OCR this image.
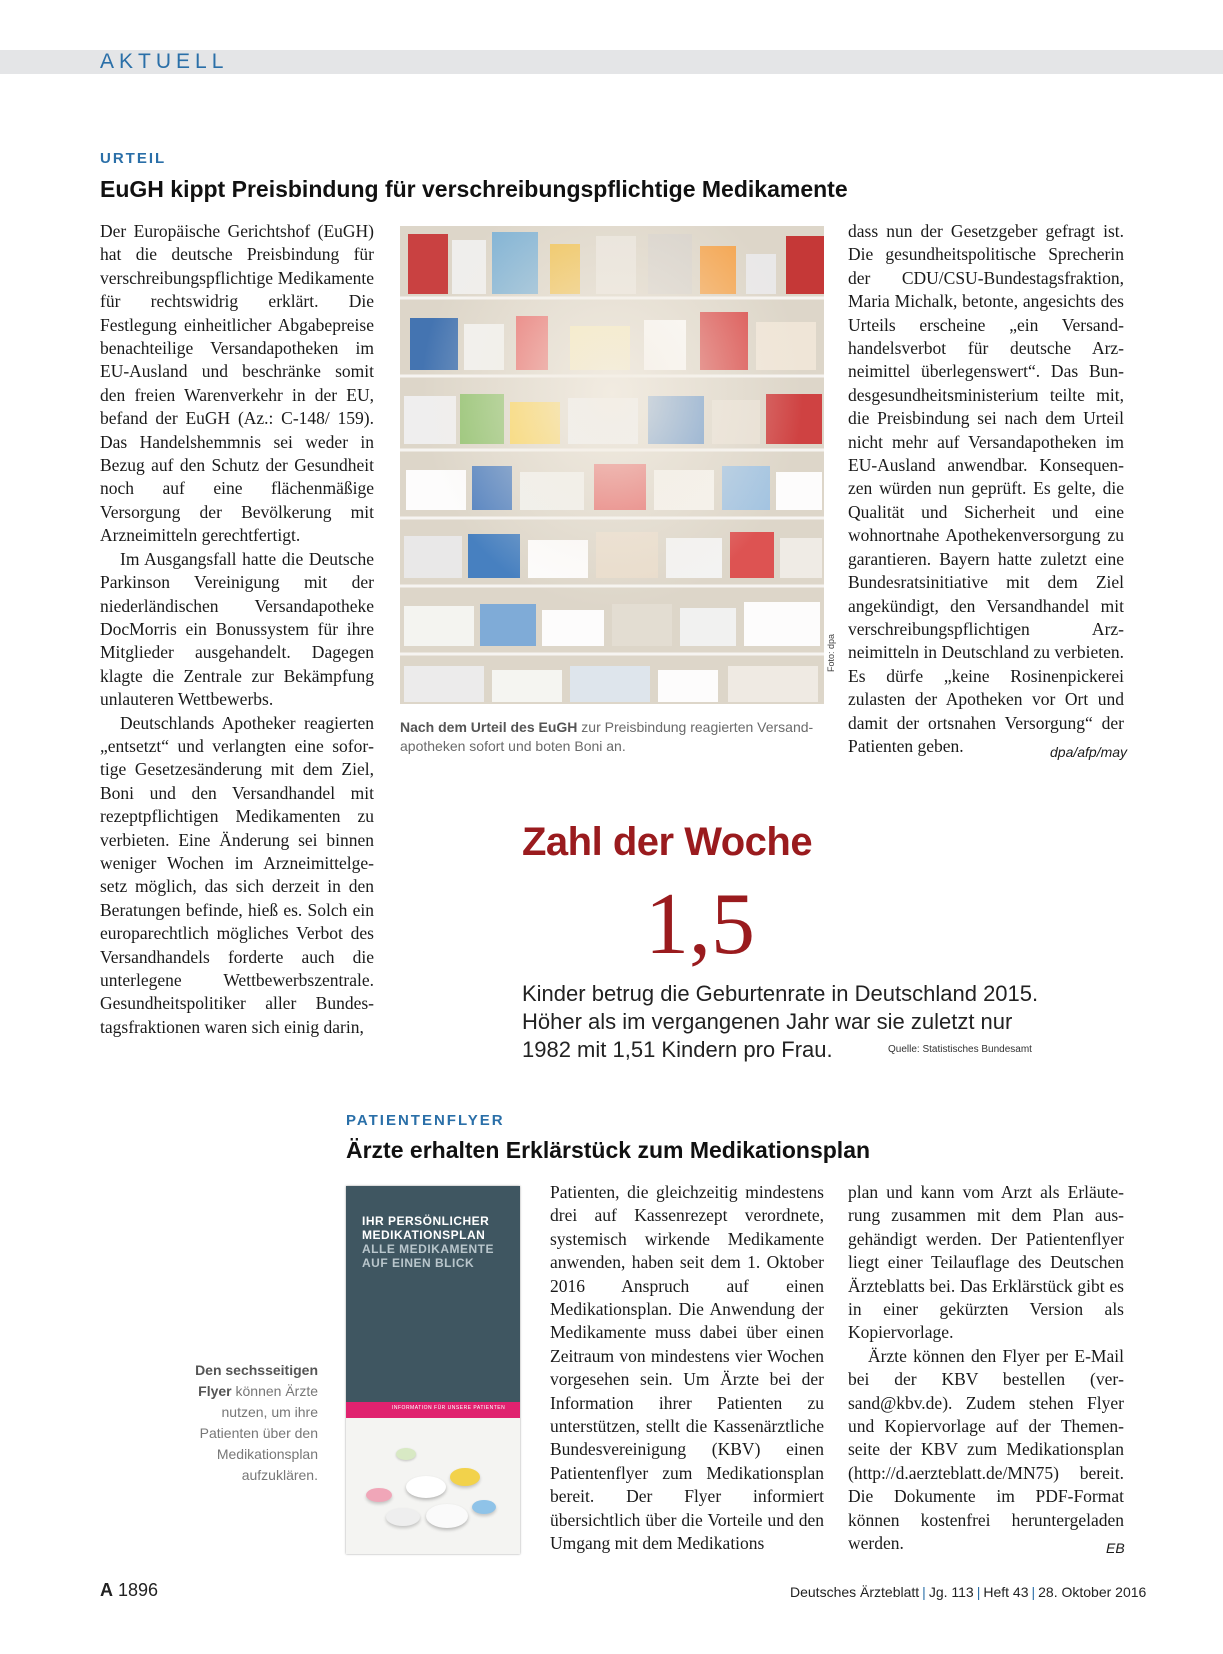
AKTUELL
URTEIL
EuGH kippt Preisbindung für verschreibungspflichtige Medikamente

Der Europäische Gerichtshof (EuGH) hat die deutsche Preisbindung für verschreibungspflichtige Medikamente für rechtswidrig erklärt. Die Festlegung einheitlicher Abgabepreise benachteilige Versandapotheken im EU-Ausland und beschränke somit den freien Warenverkehr in der EU, befand der EuGH (Az.: C-148/ 159). Das Handelshemmnis sei weder in Bezug auf den Schutz der Gesundheit noch auf eine flächenmäßige Versorgung der Bevölkerung mit Arzneimitteln gerechtfertigt.

Im Ausgangsfall hatte die Deutsche Parkinson Vereinigung mit der niederländischen Versandapotheke DocMorris ein Bonussystem für ihre Mitglieder ausgehandelt. Dagegen klagte die Zentrale zur Bekämpfung unlauteren Wettbewerbs.

Deutschlands Apotheker reagierten „entsetzt“ und verlangten eine sofortige Gesetzesänderung mit dem Ziel, Boni und den Versandhandel mit rezeptpflichtigen Medikamenten zu verbieten. Eine Änderung sei binnen weniger Wochen im Arzneimittelgesetz möglich, das sich derzeit in den Beratungen befinde, hieß es. Solch ein europarechtlich mögliches Verbot des Versandhandels forderte auch die unterlegene Wettbewerbszentrale. Gesundheitspolitiker aller Bundestagsfraktionen waren sich einig darin,

Foto: dpa
Nach dem Urteil des EuGH zur Preisbindung reagierten Versandapotheken sofort und boten Boni an.

dass nun der Gesetzgeber gefragt ist. Die gesundheitspolitische Sprecherin der CDU/CSU-Bundestagsfraktion, Maria Michalk, betonte, angesichts des Urteils erscheine „ein Versandhandelsverbot für deutsche Arzneimittel überlegenswert“. Das Bundesgesundheitsministerium teilte mit, die Preisbindung sei nach dem Urteil nicht mehr auf Versandapotheken im EU-Ausland anwendbar. Konsequenzen würden nun geprüft. Es gelte, die Qualität und Sicherheit und eine wohnortnahe Apothekenversorgung zu garantieren. Bayern hatte zuletzt eine Bundesratsinitiative mit dem Ziel angekündigt, den Versandhandel mit verschreibungspflichtigen Arzneimitteln in Deutschland zu verbieten. Es dürfe „keine Rosinenpickerei zulasten der Apotheken vor Ort und damit der ortsnahen Versorgung“ der Patienten geben.	dpa/afp/may
Zahl der Woche
1,5
Kinder betrug die Geburtenrate in Deutschland 2015.
Höher als im vergangenen Jahr war sie zuletzt nur
1982 mit 1,51 Kindern pro Frau.	Quelle: Statistisches Bundesamt
PATIENTENFLYER
Ärzte erhalten Erklärstück zum Medikationsplan
IHR PERSÖNLICHER
MEDIKATIONSPLAN
ALLE MEDIKAMENTE
AUF EINEN BLICK
INFORMATION FÜR UNSERE PATIENTEN
Den sechsseitigen Flyer können Ärzte nutzen, um ihre Patienten über den Medikationsplan aufzuklären.

Patienten, die gleichzeitig mindestens drei auf Kassenrezept verordnete, systemisch wirkende Medikamente anwenden, haben seit dem 1. Oktober 2016 Anspruch auf einen Medikationsplan. Die Anwendung der Medikamente muss dabei über einen Zeitraum von mindestens vier Wochen vorgesehen sein. Um Ärzte bei der Information ihrer Patienten zu unterstützen, stellt die Kassenärztliche Bundesvereinigung (KBV) einen Patientenflyer zum Medikationsplan bereit. Der Flyer informiert übersichtlich über die Vorteile und den Umgang mit dem Medikations

plan und kann vom Arzt als Erläuterung zusammen mit dem Plan ausgehändigt werden. Der Patientenflyer liegt einer Teilauflage des Deutschen Ärzteblatts bei. Das Erklärstück gibt es in einer gekürzten Version als Kopiervorlage.

Ärzte können den Flyer per E-Mail bei der KBV bestellen (versand@kbv.de). Zudem stehen Flyer und Kopiervorlage auf der Themenseite der KBV zum Medikationsplan (http://d.aerzteblatt.de/MN75) bereit. Die Dokumente im PDF-Format können kostenfrei heruntergeladen werden.	EB
A 1896	Deutsches Ärzteblatt | Jg. 113 | Heft 43 | 28. Oktober 2016
